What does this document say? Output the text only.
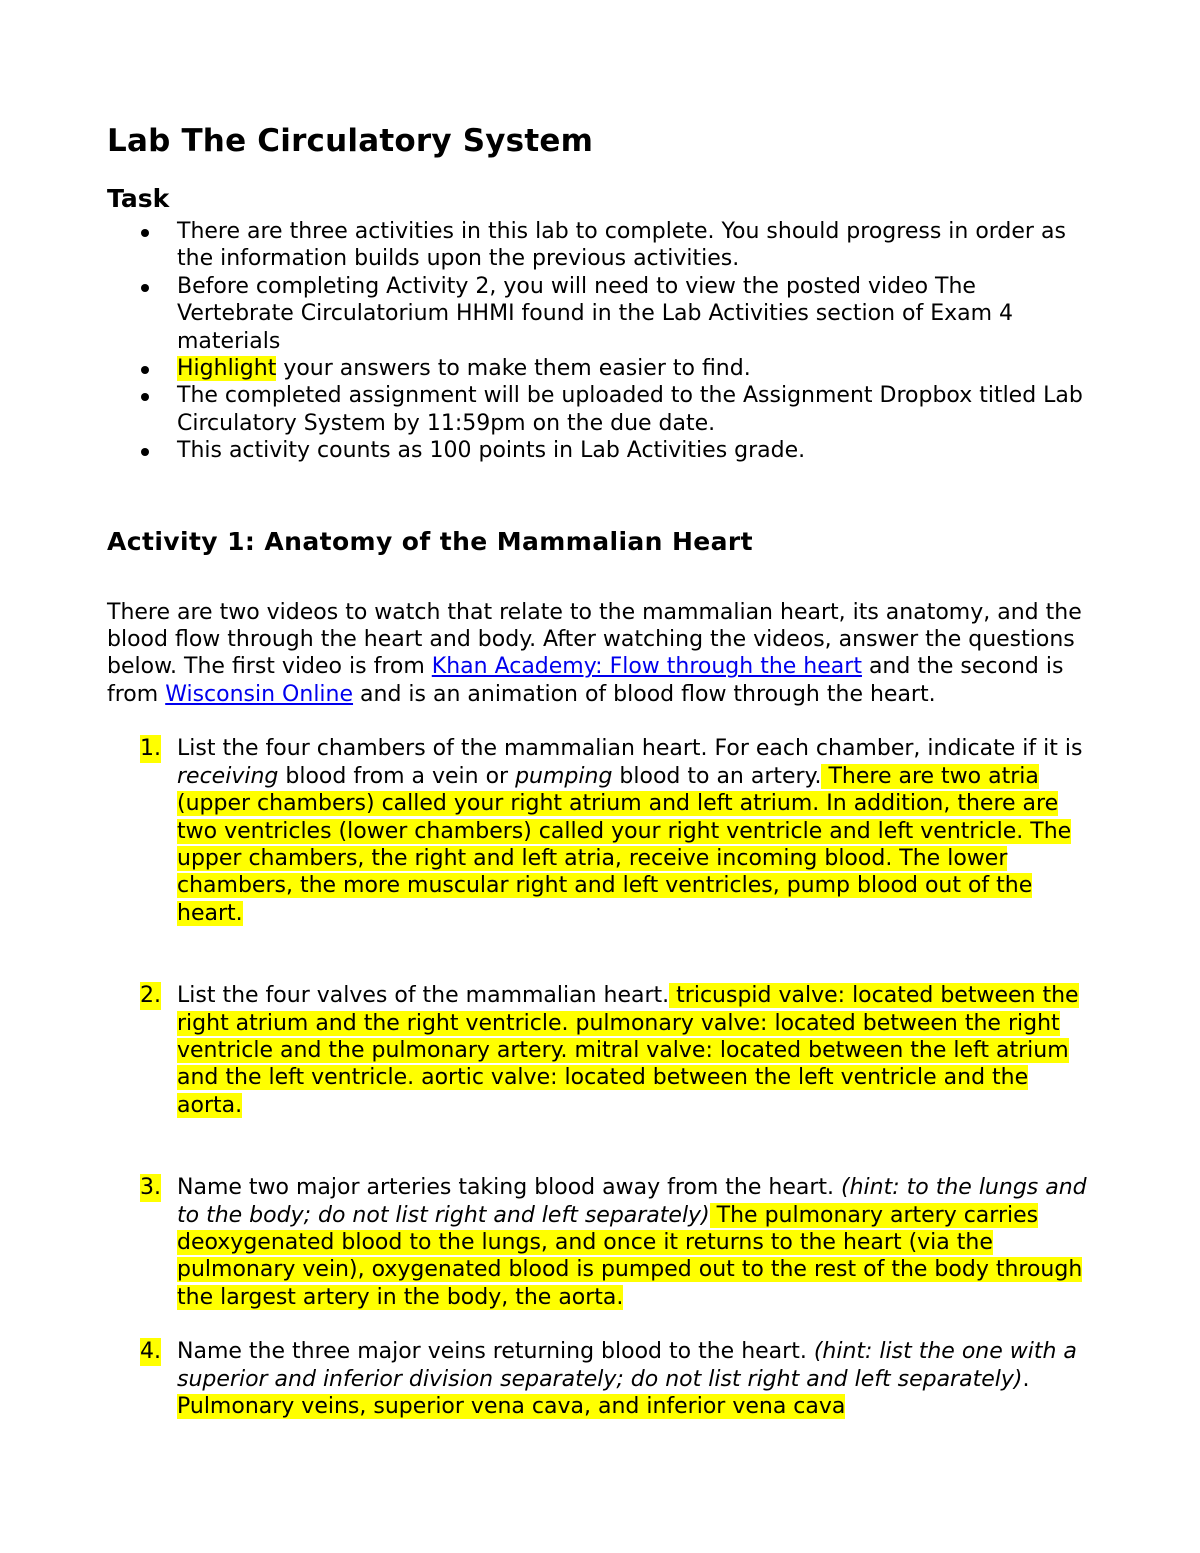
Lab The Circulatory System
Task
There are three activities in this lab to complete. You should progress in order as the information builds upon the previous activities.
Before completing Activity 2, you will need to view the posted video The Vertebrate Circulatorium HHMI found in the Lab Activities section of Exam 4 materials
Highlight your answers to make them easier to find.
The completed assignment will be uploaded to the Assignment Dropbox titled Lab Circulatory System by 11:59pm on the due date.
This activity counts as 100 points in Lab Activities grade.
Activity 1: Anatomy of the Mammalian Heart

There are two videos to watch that relate to the mammalian heart, its anatomy, and the blood flow through the heart and body. After watching the videos, answer the questions below. The first video is from Khan Academy: Flow through the heart and the second is from Wisconsin Online and is an animation of blood flow through the heart.

1. List the four chambers of the mammalian heart. For each chamber, indicate if it is receiving blood from a vein or pumping blood to an artery. There are two atria (upper chambers) called your right atrium and left atrium. In addition, there are two ventricles (lower chambers) called your right ventricle and left ventricle. The upper chambers, the right and left atria, receive incoming blood. The lower chambers, the more muscular right and left ventricles, pump blood out of the heart.
2. List the four valves of the mammalian heart. tricuspid valve: located between the right atrium and the right ventricle. pulmonary valve: located between the right ventricle and the pulmonary artery. mitral valve: located between the left atrium and the left ventricle. aortic valve: located between the left ventricle and the aorta.
3. Name two major arteries taking blood away from the heart. (hint: to the lungs and to the body; do not list right and left separately) The pulmonary artery carries deoxygenated blood to the lungs, and once it returns to the heart (via the pulmonary vein), oxygenated blood is pumped out to the rest of the body through the largest artery in the body, the aorta.
4. Name the three major veins returning blood to the heart. (hint: list the one with a superior and inferior division separately; do not list right and left separately). Pulmonary veins, superior vena cava, and inferior vena cava
